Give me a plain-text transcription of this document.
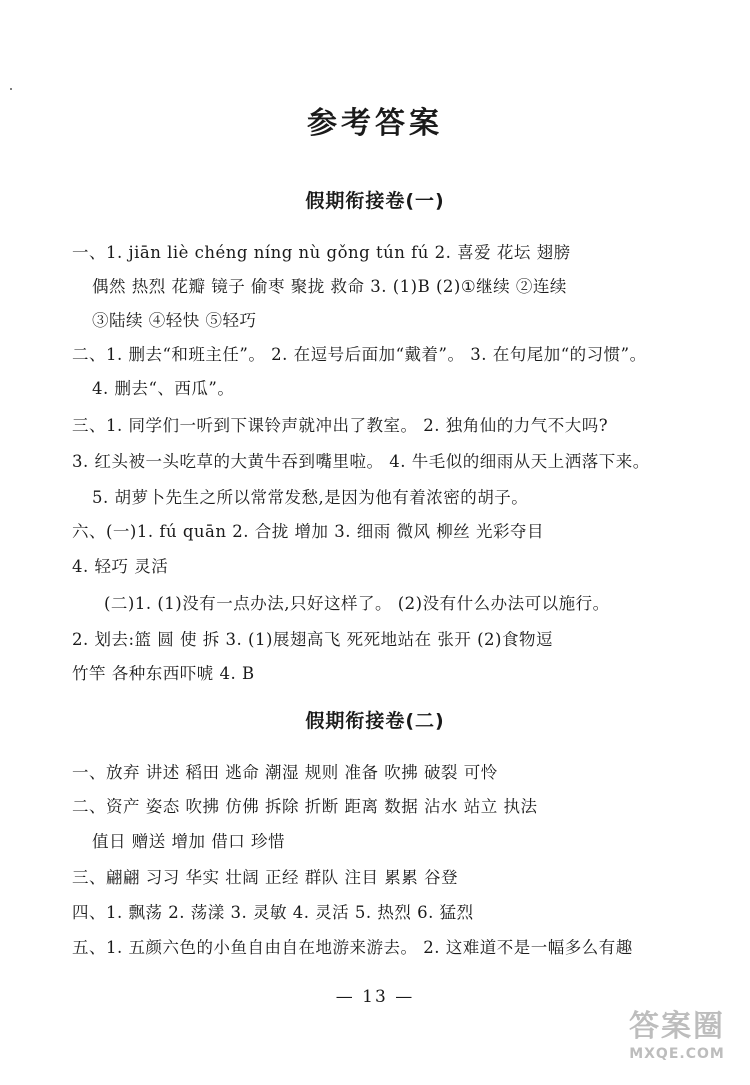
参考答案
假期衔接卷(一)
一、1. jiān liè chéng níng nù gǒng tún fú 2. 喜爱 花坛 翅膀
偶然 热烈 花瓣 镜子 偷枣 聚拢 救命 3. (1)B (2)①继续 ②连续
③陆续 ④轻快 ⑤轻巧
二、1. 删去“和班主任”。 2. 在逗号后面加“戴着”。 3. 在句尾加“的习惯”。
4. 删去“、西瓜”。
三、1. 同学们一听到下课铃声就冲出了教室。 2. 独角仙的力气不大吗?
3. 红头被一头吃草的大黄牛吞到嘴里啦。 4. 牛毛似的细雨从天上洒落下来。
5. 胡萝卜先生之所以常常发愁,是因为他有着浓密的胡子。
六、(一)1. fú quān 2. 合拢 增加 3. 细雨 微风 柳丝 光彩夺目
4. 轻巧 灵活
(二)1. (1)没有一点办法,只好这样了。 (2)没有什么办法可以施行。
2. 划去:篮 圆 使 拆 3. (1)展翅高飞 死死地站在 张开 (2)食物逗
竹竿 各种东西吓唬 4. B
假期衔接卷(二)
一、放弃 讲述 稻田 逃命 潮湿 规则 准备 吹拂 破裂 可怜
二、资产 姿态 吹拂 仿佛 拆除 折断 距离 数据 沾水 站立 执法
值日 赠送 增加 借口 珍惜
三、翩翩 习习 华实 壮阔 正经 群队 注目 累累 谷登
四、1. 飘荡 2. 荡漾 3. 灵敏 4. 灵活 5. 热烈 6. 猛烈
五、1. 五颜六色的小鱼自由自在地游来游去。 2. 这难道不是一幅多么有趣
— 13 —
答案圈
MXQE.COM
